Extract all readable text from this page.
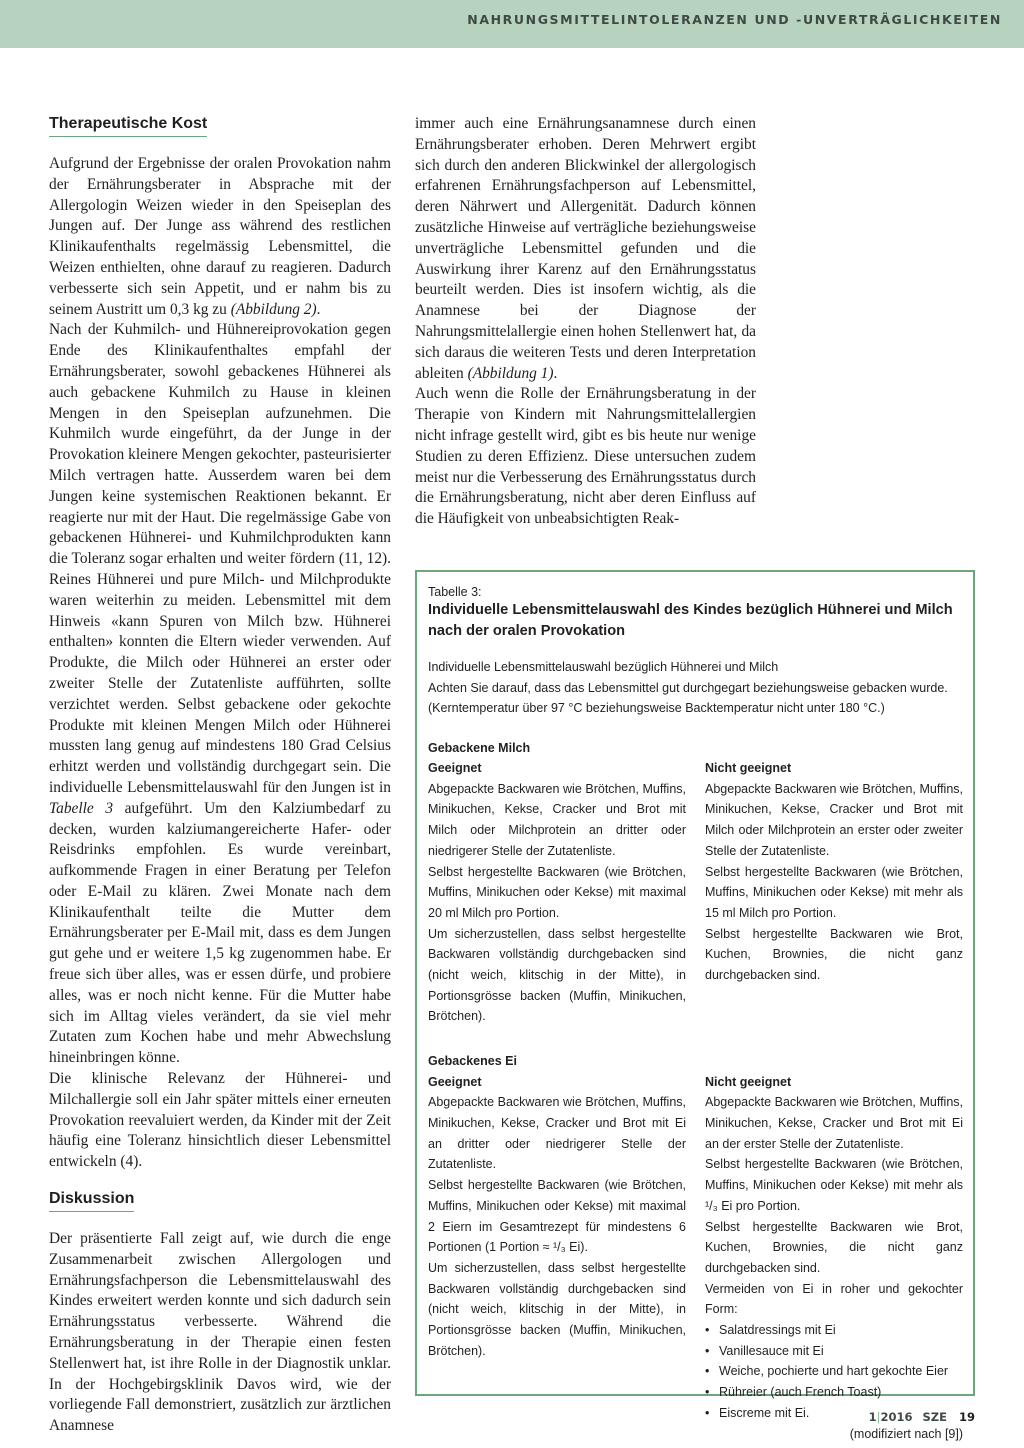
NAHRUNGSMITTELINTOLERANZEN UND -UNVERTRÄGLICHKEITEN
Therapeutische Kost

Aufgrund der Ergebnisse der oralen Provokation nahm der Ernährungsberater in Absprache mit der Allergologin Weizen wieder in den Speiseplan des Jungen auf. Der Junge ass während des restlichen Klinikaufenthalts regelmässig Lebensmittel, die Weizen enthielten, ohne darauf zu reagieren. Dadurch verbesserte sich sein Appetit, und er nahm bis zu seinem Austritt um 0,3 kg zu (Abbildung 2).

Nach der Kuhmilch- und Hühnereiprovokation gegen Ende des Klinikaufenthaltes empfahl der Ernährungsberater, sowohl gebackenes Hühnerei als auch gebackene Kuhmilch zu Hause in kleinen Mengen in den Speiseplan aufzunehmen. Die Kuhmilch wurde eingeführt, da der Junge in der Provokation kleinere Mengen gekochter, pasteurisierter Milch vertragen hatte. Ausserdem waren bei dem Jungen keine systemischen Reaktionen bekannt. Er reagierte nur mit der Haut. Die regelmässige Gabe von gebackenen Hühnerei- und Kuhmilchprodukten kann die Toleranz sogar erhalten und weiter fördern (11, 12). Reines Hühnerei und pure Milch- und Milchprodukte waren weiterhin zu meiden. Lebensmittel mit dem Hinweis «kann Spuren von Milch bzw. Hühnerei enthalten» konnten die Eltern wieder verwenden. Auf Produkte, die Milch oder Hühnerei an erster oder zweiter Stelle der Zutatenliste aufführten, sollte verzichtet werden. Selbst gebackene oder gekochte Produkte mit kleinen Mengen Milch oder Hühnerei mussten lang genug auf mindestens 180 Grad Celsius erhitzt werden und vollständig durchgegart sein. Die individuelle Lebensmittelauswahl für den Jungen ist in Tabelle 3 aufgeführt. Um den Kalziumbedarf zu decken, wurden kalziumangereicherte Hafer- oder Reisdrinks empfohlen. Es wurde vereinbart, aufkommende Fragen in einer Beratung per Telefon oder E-Mail zu klären. Zwei Monate nach dem Klinikaufenthalt teilte die Mutter dem Ernährungsberater per E-Mail mit, dass es dem Jungen gut gehe und er weitere 1,5 kg zugenommen habe. Er freue sich über alles, was er essen dürfe, und probiere alles, was er noch nicht kenne. Für die Mutter habe sich im Alltag vieles verändert, da sie viel mehr Zutaten zum Kochen habe und mehr Abwechslung hineinbringen könne.

Die klinische Relevanz der Hühnerei- und Milchallergie soll ein Jahr später mittels einer erneuten Provokation reevaluiert werden, da Kinder mit der Zeit häufig eine Toleranz hinsichtlich dieser Lebensmittel entwickeln (4).

Diskussion

Der präsentierte Fall zeigt auf, wie durch die enge Zusammenarbeit zwischen Allergologen und Ernährungsfachperson die Lebensmittelauswahl des Kindes erweitert werden konnte und sich dadurch sein Ernährungsstatus verbesserte. Während die Ernährungsberatung in der Therapie einen festen Stellenwert hat, ist ihre Rolle in der Diagnostik unklar. In der Hochgebirgsklinik Davos wird, wie der vorliegende Fall demonstriert, zusätzlich zur ärztlichen Anamnese

immer auch eine Ernährungsanamnese durch einen Ernährungsberater erhoben. Deren Mehrwert ergibt sich durch den anderen Blickwinkel der allergologisch erfahrenen Ernährungsfachperson auf Lebensmittel, deren Nährwert und Allergenität. Dadurch können zusätzliche Hinweise auf verträgliche beziehungsweise unverträgliche Lebensmittel gefunden und die Auswirkung ihrer Karenz auf den Ernährungsstatus beurteilt werden. Dies ist insofern wichtig, als die Anamnese bei der Diagnose der Nahrungsmittelallergie einen hohen Stellenwert hat, da sich daraus die weiteren Tests und deren Interpretation ableiten (Abbildung 1).

Auch wenn die Rolle der Ernährungsberatung in der Therapie von Kindern mit Nahrungsmittelallergien nicht infrage gestellt wird, gibt es bis heute nur wenige Studien zu deren Effizienz. Diese untersuchen zudem meist nur die Verbesserung des Ernährungsstatus durch die Ernährungsberatung, nicht aber deren Einfluss auf die Häufigkeit von unbeabsichtigten Reak-

Tabelle 3:
Individuelle Lebensmittelauswahl des Kindes bezüglich Hühnerei und Milch nach der oralen Provokation
Individuelle Lebensmittelauswahl bezüglich Hühnerei und Milch
Achten Sie darauf, dass das Lebensmittel gut durchgegart beziehungsweise gebacken wurde.
(Kerntemperatur über 97 °C beziehungsweise Backtemperatur nicht unter 180 °C.)
Gebackene Milch
Geeignet
Abgepackte Backwaren wie Brötchen, Muffins, Minikuchen, Kekse, Cracker und Brot mit Milch oder Milchprotein an dritter oder niedrigerer Stelle der Zutatenliste.
Selbst hergestellte Backwaren (wie Brötchen, Muffins, Minikuchen oder Kekse) mit maximal 20 ml Milch pro Portion.
Um sicherzustellen, dass selbst hergestellte Backwaren vollständig durchgebacken sind (nicht weich, klitschig in der Mitte), in Portionsgrösse backen (Muffin, Minikuchen, Brötchen).
Nicht geeignet
Abgepackte Backwaren wie Brötchen, Muffins, Minikuchen, Kekse, Cracker und Brot mit Milch oder Milchprotein an erster oder zweiter Stelle der Zutatenliste.
Selbst hergestellte Backwaren (wie Brötchen, Muffins, Minikuchen oder Kekse) mit mehr als 15 ml Milch pro Portion.
Selbst hergestellte Backwaren wie Brot, Kuchen, Brownies, die nicht ganz durchgebacken sind.
Gebackenes Ei
Geeignet
Abgepackte Backwaren wie Brötchen, Muffins, Minikuchen, Kekse, Cracker und Brot mit Ei an dritter oder niedrigerer Stelle der Zutatenliste.
Selbst hergestellte Backwaren (wie Brötchen, Muffins, Minikuchen oder Kekse) mit maximal 2 Eiern im Gesamtrezept für mindestens 6 Portionen (1 Portion ≈ ¹/₃ Ei).
Um sicherzustellen, dass selbst hergestellte Backwaren vollständig durchgebacken sind (nicht weich, klitschig in der Mitte), in Portionsgrösse backen (Muffin, Minikuchen, Brötchen).
Nicht geeignet
Abgepackte Backwaren wie Brötchen, Muffins, Minikuchen, Kekse, Cracker und Brot mit Ei an der erster Stelle der Zutatenliste.
Selbst hergestellte Backwaren (wie Brötchen, Muffins, Minikuchen oder Kekse) mit mehr als ¹/₃ Ei pro Portion.
Selbst hergestellte Backwaren wie Brot, Kuchen, Brownies, die nicht ganz durchgebacken sind.
Vermeiden von Ei in roher und gekochter Form:
• Salatdressings mit Ei
• Vanillesauce mit Ei
• Weiche, pochierte und hart gekochte Eier
• Rühreier (auch French Toast)
• Eiscreme mit Ei.
(modifiziert nach [9])
1|2016 SZE 19
